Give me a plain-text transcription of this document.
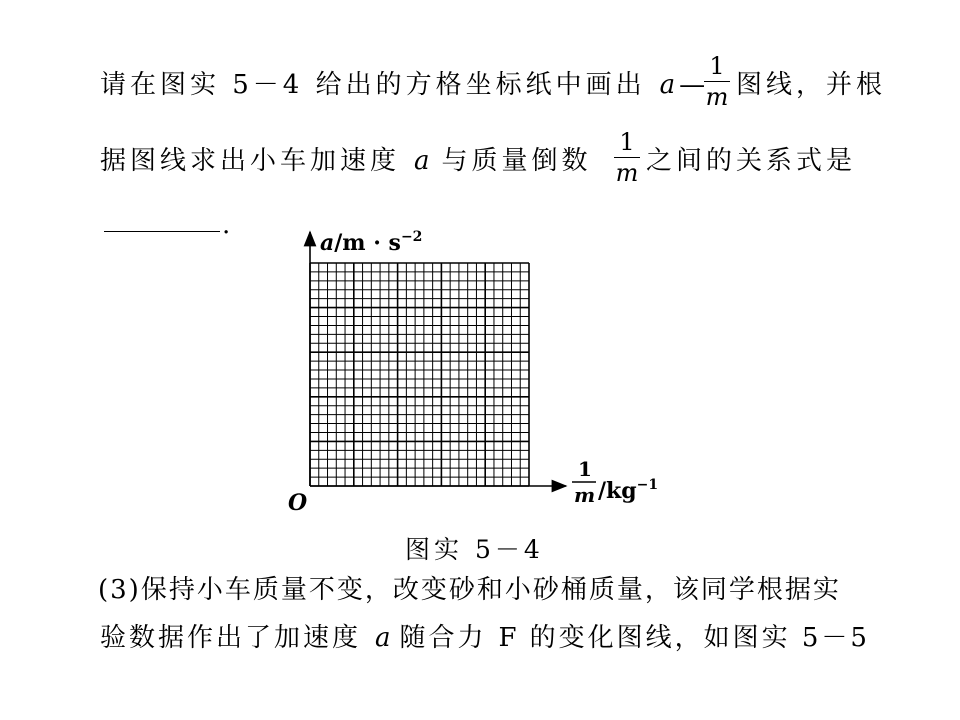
请在图实 5－4 给出的方格坐标纸中画出 a—
1
m 图线，并根
据图线求出小车加速度 a 与质量倒数
1
m 之间的关系式是
.
$a/m \cdot s^{-2}$
1
m $/kg^{-1}$
O
图实 5－4
(3)保持小车质量不变，改变砂和小砂桶质量，该同学根据实
验数据作出了加速度 a 随合力 F 的变化图线，如图实 5－5
